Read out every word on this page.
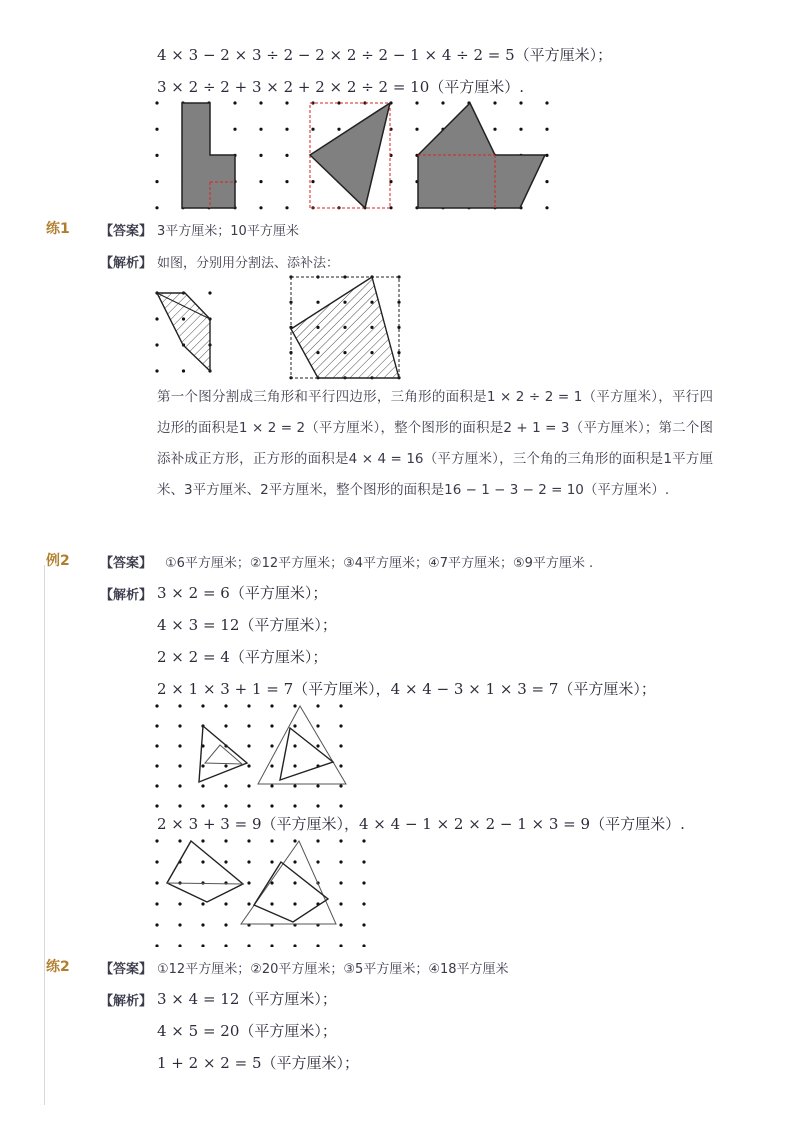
4 × 3 − 2 × 3 ÷ 2 − 2 × 2 ÷ 2 − 1 × 4 ÷ 2 = 5（平方厘米）；
3 × 2 ÷ 2 + 3 × 2 + 2 × 2 ÷ 2 = 10（平方厘米）.
练1 【答案】 3平方厘米；10平方厘米
【解析】 如图，分别用分割法、添补法：
第一个图分割成三角形和平行四边形，三角形的面积是1 × 2 ÷ 2 = 1（平方厘米），平行四边形的面积是1 × 2 = 2（平方厘米），整个图形的面积是2 + 1 = 3（平方厘米）；第二个图添补成正方形，正方形的面积是4 × 4 = 16（平方厘米），三个角的三角形的面积是1平方厘米、3平方厘米、2平方厘米，整个图形的面积是16 − 1 − 3 − 2 = 10（平方厘米）.
例2 【答案】 ①6平方厘米；②12平方厘米；③4平方厘米；④7平方厘米；⑤9平方厘米 .
【解析】 3 × 2 = 6（平方厘米）；
4 × 3 = 12（平方厘米）；
2 × 2 = 4（平方厘米）；
2 × 1 × 3 + 1 = 7（平方厘米），4 × 4 − 3 × 1 × 3 = 7（平方厘米）；
2 × 3 + 3 = 9（平方厘米），4 × 4 − 1 × 2 × 2 − 1 × 3 = 9（平方厘米）.
练2 【答案】 ①12平方厘米；②20平方厘米；③5平方厘米；④18平方厘米
【解析】 3 × 4 = 12（平方厘米）；
4 × 5 = 20（平方厘米）；
1 + 2 × 2 = 5（平方厘米）；
